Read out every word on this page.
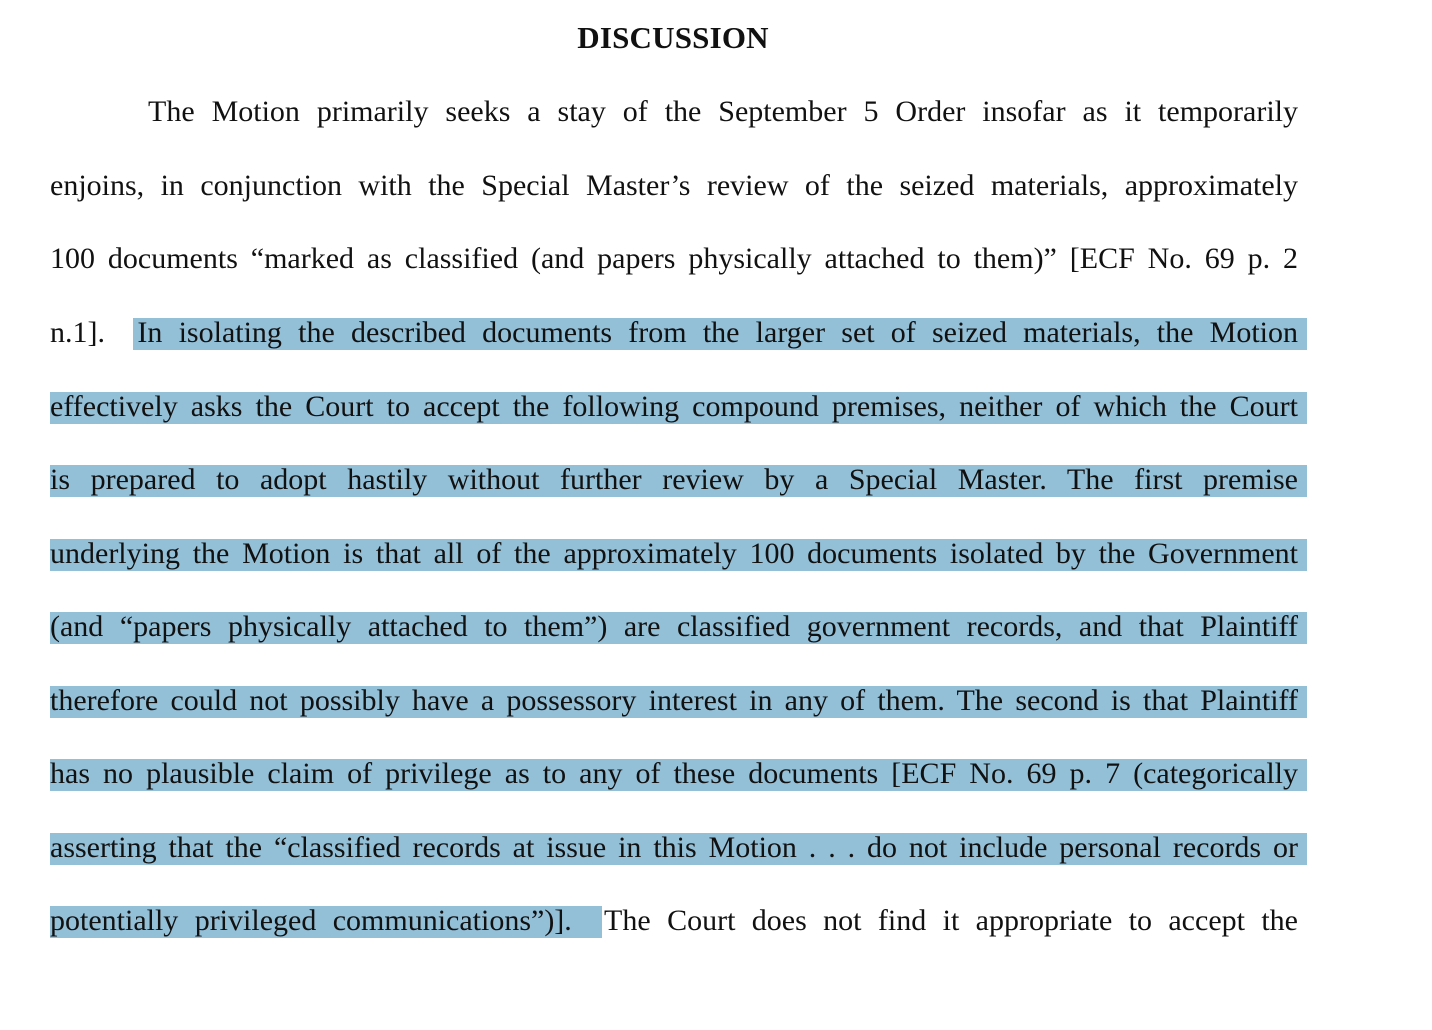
DISCUSSION
The Motion primarily seeks a stay of the September 5 Order insofar as it temporarily
enjoins, in conjunction with the Special Master’s review of the seized materials, approximately
100 documents “marked as classified (and papers physically attached to them)” [ECF No. 69 p. 2
n.1].  In isolating the described documents from the larger set of seized materials, the Motion
effectively asks the Court to accept the following compound premises, neither of which the Court
is prepared to adopt hastily without further review by a Special Master. The first premise
underlying the Motion is that all of the approximately 100 documents isolated by the Government
(and “papers physically attached to them”) are classified government records, and that Plaintiff
therefore could not possibly have a possessory interest in any of them. The second is that Plaintiff
has no plausible claim of privilege as to any of these documents [ECF No. 69 p. 7 (categorically
asserting that the “classified records at issue in this Motion . . . do not include personal records or
potentially privileged communications”)].  The Court does not find it appropriate to accept the
